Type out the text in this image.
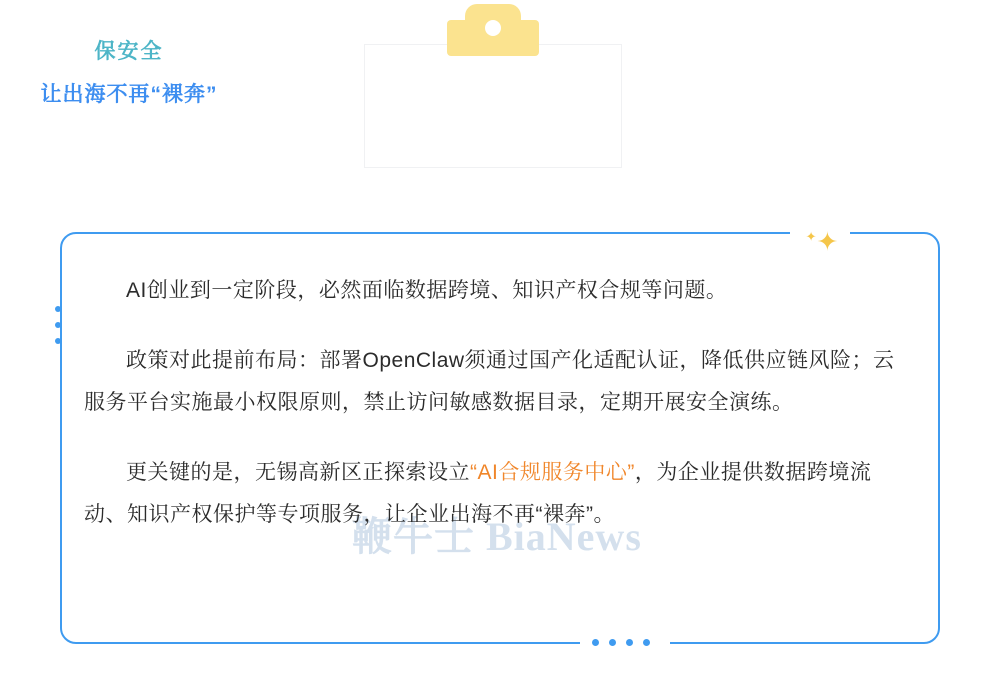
保安全
让出海不再“裸奔”
✦✦
鞭牛士 BiaNews

AI创业到一定阶段，必然面临数据跨境、知识产权合规等问题。

政策对此提前布局：部署OpenClaw须通过国产化适配认证，降低供应链风险；云服务平台实施最小权限原则，禁止访问敏感数据目录，定期开展安全演练。

更关键的是，无锡高新区正探索设立“AI合规服务中心”，为企业提供数据跨境流动、知识产权保护等专项服务，让企业出海不再“裸奔”。
